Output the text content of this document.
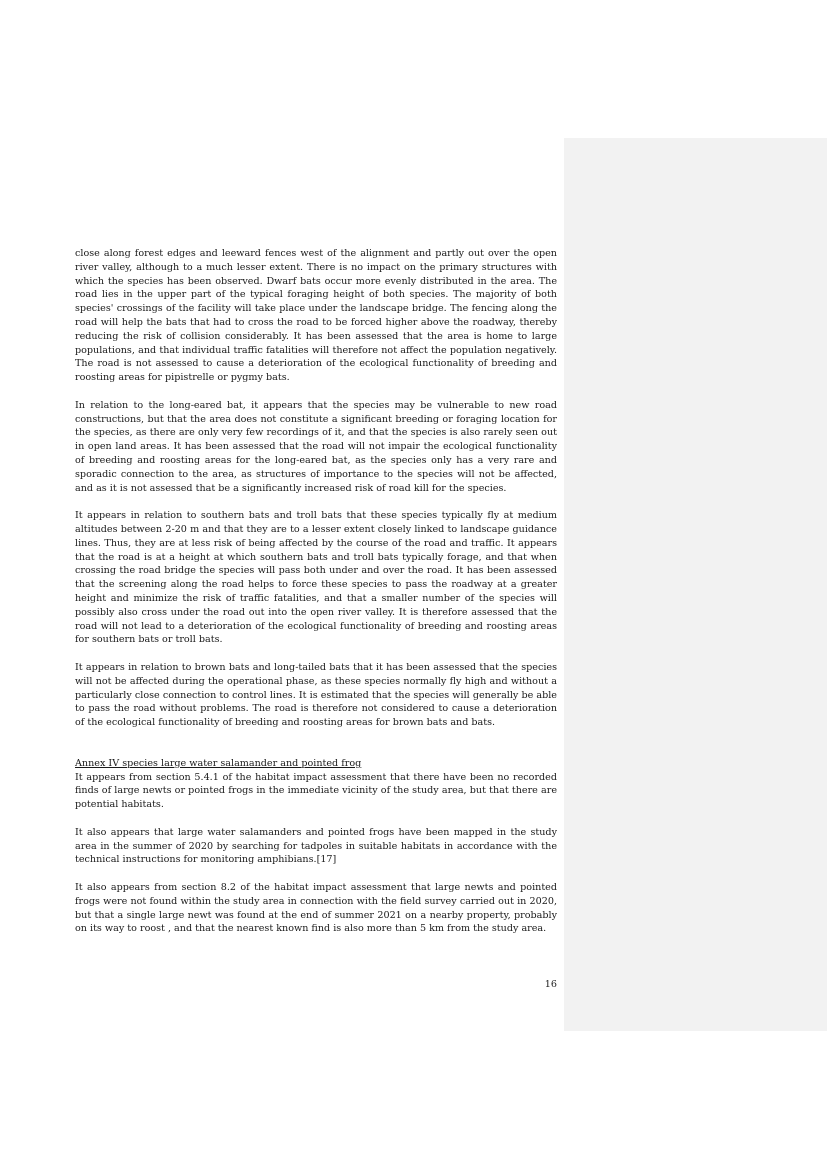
close along forest edges and leeward fences west of the alignment and partly out over the open river valley, although to a much lesser extent. There is no impact on the primary structures with which the species has been observed. Dwarf bats occur more evenly distributed in the area. The road lies in the upper part of the typical foraging height of both species. The majority of both species' crossings of the facility will take place under the landscape bridge. The fencing along the road will help the bats that had to cross the road to be forced higher above the roadway, thereby reducing the risk of collision considerably. It has been assessed that the area is home to large populations, and that individual traffic fatalities will therefore not affect the population negatively. The road is not assessed to cause a deterioration of the ecological functionality of breeding and roosting areas for pipistrelle or pygmy bats.

In relation to the long-eared bat, it appears that the species may be vulnerable to new road constructions, but that the area does not constitute a significant breeding or foraging location for the species, as there are only very few recordings of it, and that the species is also rarely seen out in open land areas. It has been assessed that the road will not impair the ecological functionality of breeding and roosting areas for the long-eared bat, as the species only has a very rare and sporadic connection to the area, as structures of importance to the species will not be affected, and as it is not assessed that be a significantly increased risk of road kill for the species.

It appears in relation to southern bats and troll bats that these species typically fly at medium altitudes between 2-20 m and that they are to a lesser extent closely linked to landscape guidance lines. Thus, they are at less risk of being affected by the course of the road and traffic. It appears that the road is at a height at which southern bats and troll bats typically forage, and that when crossing the road bridge the species will pass both under and over the road. It has been assessed that the screening along the road helps to force these species to pass the roadway at a greater height and minimize the risk of traffic fatalities, and that a smaller number of the species will possibly also cross under the road out into the open river valley. It is therefore assessed that the road will not lead to a deterioration of the ecological functionality of breeding and roosting areas for southern bats or troll bats.

It appears in relation to brown bats and long-tailed bats that it has been assessed that the species will not be affected during the operational phase, as these species normally fly high and without a particularly close connection to control lines. It is estimated that the species will generally be able to pass the road without problems. The road is therefore not considered to cause a deterioration of the ecological functionality of breeding and roosting areas for brown bats and bats.

Annex IV species large water salamander and pointed frog
It appears from section 5.4.1 of the habitat impact assessment that there have been no recorded finds of large newts or pointed frogs in the immediate vicinity of the study area, but that there are potential habitats.

It also appears that large water salamanders and pointed frogs have been mapped in the study area in the summer of 2020 by searching for tadpoles in suitable habitats in accordance with the technical instructions for monitoring amphibians.[17]

It also appears from section 8.2 of the habitat impact assessment that large newts and pointed frogs were not found within the study area in connection with the field survey carried out in 2020, but that a single large newt was found at the end of summer 2021 on a nearby property, probably on its way to roost , and that the nearest known find is also more than 5 km from the study area.

16
